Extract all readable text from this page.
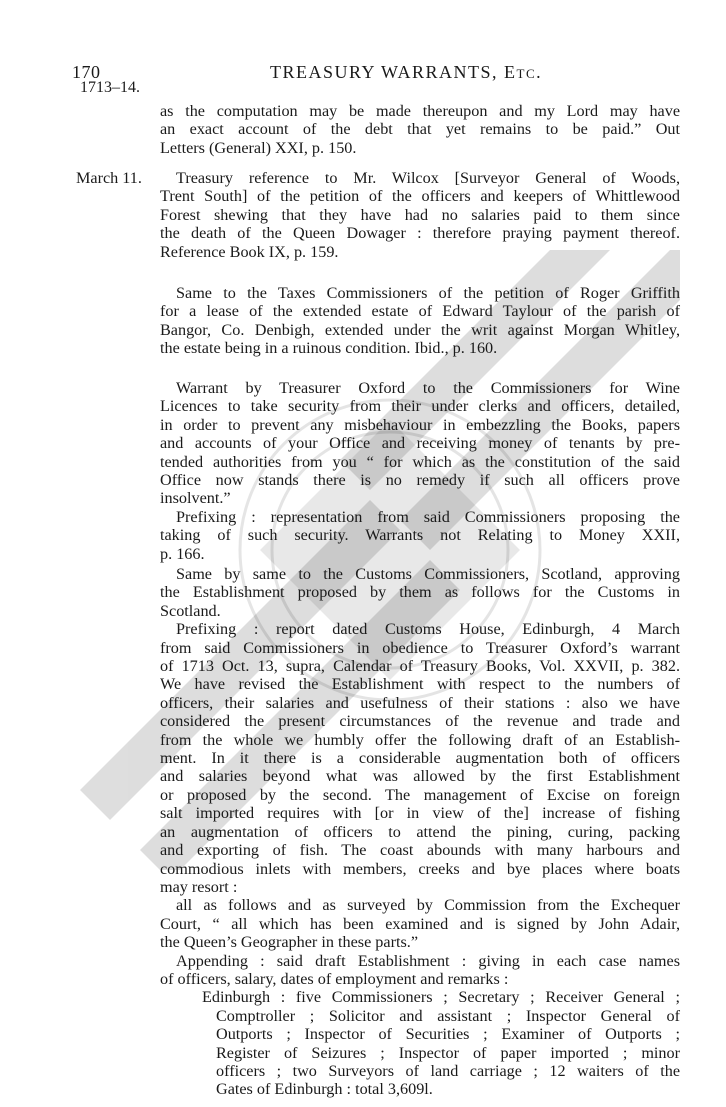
170
1713–14.
TREASURY WARRANTS, Etc.
as the computation may be made thereupon and my Lord may have
an exact account of the debt that yet remains to be paid.” Out
Letters (General) XXI, p. 150.
March 11.	Treasury reference to Mr. Wilcox [Surveyor General of Woods,
Trent South] of the petition of the officers and keepers of Whittlewood
Forest shewing that they have had no salaries paid to them since
the death of the Queen Dowager : therefore praying payment thereof.
Reference Book IX, p. 159.
Same to the Taxes Commissioners of the petition of Roger Griffith
for a lease of the extended estate of Edward Taylour of the parish of
Bangor, Co. Denbigh, extended under the writ against Morgan Whitley,
the estate being in a ruinous condition. Ibid., p. 160.
Warrant by Treasurer Oxford to the Commissioners for Wine
Licences to take security from their under clerks and officers, detailed,
in order to prevent any misbehaviour in embezzling the Books, papers
and accounts of your Office and receiving money of tenants by pre-
tended authorities from you “ for which as the constitution of the said
Office now stands there is no remedy if such all officers prove
insolvent.”
Prefixing : representation from said Commissioners proposing the
taking of such security. Warrants not Relating to Money XXII,
p. 166.
Same by same to the Customs Commissioners, Scotland, approving
the Establishment proposed by them as follows for the Customs in
Scotland.
Prefixing : report dated Customs House, Edinburgh, 4 March
from said Commissioners in obedience to Treasurer Oxford’s warrant
of 1713 Oct. 13, supra, Calendar of Treasury Books, Vol. XXVII, p. 382.
We have revised the Establishment with respect to the numbers of
officers, their salaries and usefulness of their stations : also we have
considered the present circumstances of the revenue and trade and
from the whole we humbly offer the following draft of an Establish-
ment. In it there is a considerable augmentation both of officers
and salaries beyond what was allowed by the first Establishment
or proposed by the second. The management of Excise on foreign
salt imported requires with [or in view of the] increase of fishing
an augmentation of officers to attend the pining, curing, packing
and exporting of fish. The coast abounds with many harbours and
commodious inlets with members, creeks and bye places where boats
may resort :
all as follows and as surveyed by Commission from the Exchequer
Court, “ all which has been examined and is signed by John Adair,
the Queen’s Geographer in these parts.”
Appending : said draft Establishment : giving in each case names
of officers, salary, dates of employment and remarks :
Edinburgh : five Commissioners ; Secretary ; Receiver General ;
Comptroller ; Solicitor and assistant ; Inspector General of
Outports ; Inspector of Securities ; Examiner of Outports ;
Register of Seizures ; Inspector of paper imported ; minor
officers ; two Surveyors of land carriage ; 12 waiters of the
Gates of Edinburgh : total 3,609l.
